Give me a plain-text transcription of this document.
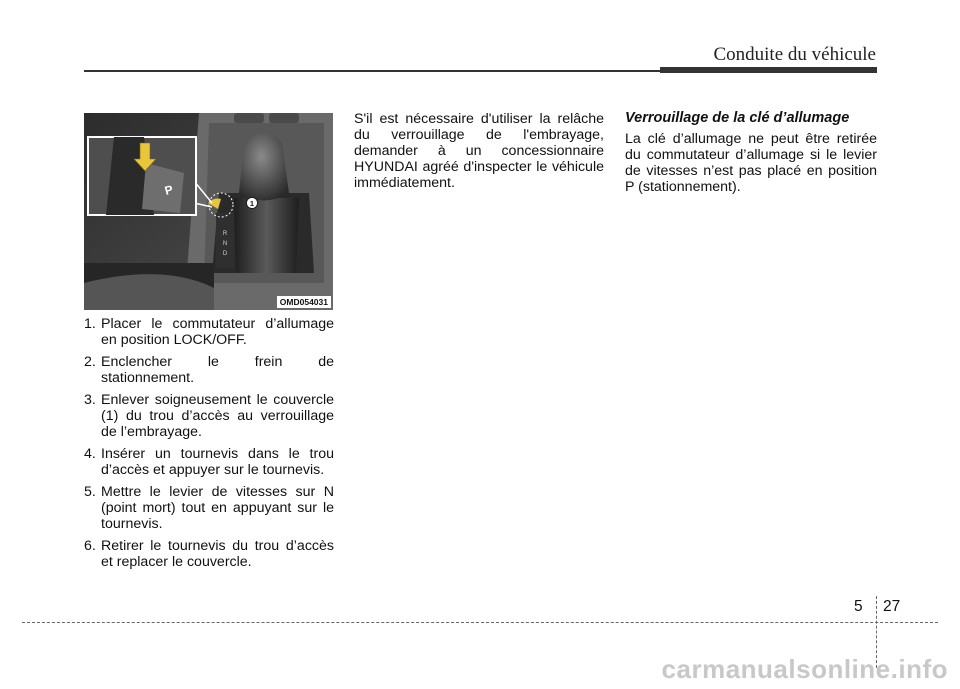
Conduite du véhicule
R
N
D
1
P
OMD054031
1. Placer le commutateur d’allumage en position LOCK/OFF.
2. Enclencher le frein de stationnement.
3. Enlever soigneusement le couvercle (1) du trou d’accès au verrouillage de l’embrayage.
4. Insérer un tournevis dans le trou d’accès et appuyer sur le tournevis.
5. Mettre le levier de vitesses sur N (point mort) tout en appuyant sur le tournevis.
6. Retirer le tournevis du trou d’accès et replacer le couvercle.

S'il est nécessaire d'utiliser la relâche du verrouillage de l'embrayage, demander à un concessionnaire HYUNDAI agréé d'inspecter le véhicule immédiatement.

Verrouillage de la clé d’allumage

La clé d’allumage ne peut être retirée du commutateur d’allumage si le levier de vitesses n’est pas placé en position P (stationnement).

5 27
carmanualsonline.info
